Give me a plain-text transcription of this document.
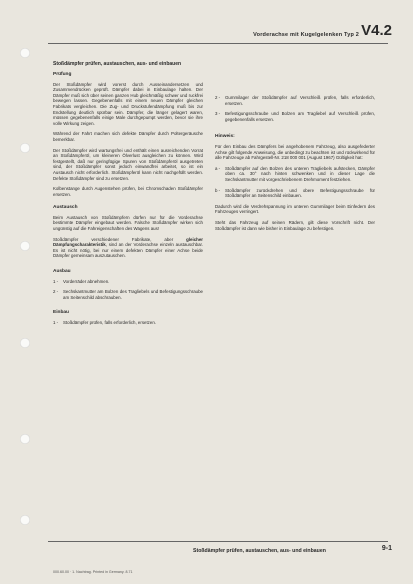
Vorderachse mit Kugelgelenken Typ 2 V4.2
Stoßdämpfer prüfen, austauschen, aus- und einbauen
Prüfung

Der Stoßdämpfer wird vorerst durch Ausseinandersetzen und Zusammendrücken geprüft. Dämpfer dabei in Einbaulage halten. Der Dämpfer muß sich über seinen ganzen Hub gleichmäßig schwer und ruckfrei bewegen lassen. Gegebenenfalls mit einem neuen Dämpfer gleichen Fabrikats vergleichen. Die Zug- und Druckstufendämpfung muß bis zur Endstellung deutlich spürbar sein. Dämpfer, die länger gelagert waren, müssen gegebenenfalls einige Male durchgepumpt werden, bevor sie ihre volle Wirkung zeigen.

Während der Fahrt machen sich defekte Dämpfer durch Poltergeräusche bemerkbar.

Der Stoßdämpfer wird wartungsfrei und enthält einen ausreichenden Vorrat an Stoßdämpferöl, um kleineren Ölverlust ausgleichen zu können. Wird festgestellt, daß nur geringfügige Spuren von Stoßdämpferöl ausgetreten sind, der Stoßdämpfer sonst jedoch einwandfrei arbeitet, so ist ein Austausch nicht erforderlich. Stoßdämpferöl kann nicht nachgefüllt werden. Defekte Stoßdämpfer sind zu ersetzen.

Kolbenstange durch Augenstehen prüfen, bei Chromschaden Stoßdämpfer ersetzen.

Austausch

Beim Austausch von Stoßdämpfern dürfen nur für die Vorderachse bestimmte Dämpfer eingebaut werden. Falsche Stoßdämpfer wirken sich ungünstig auf die Fahreigenschaften des Wagens aus!

Stoßdämpfer verschiedener Fabrikate, aber gleicher Dämpfungscharakteristik, sind an der Vorderachse einzeln austauschbar. Es ist nicht nötig, bei nur einem defekten Dämpfer einer Achse beide Dämpfer gemeinsam auszutauschen.

Ausbau
1 -	Vorderräder abnehmen.
2 -	Sechskantmutter am Bolzen des Tragliebels und Befestigungsschraube am Seitenschild abschrauben.
Einbau
1 -	Stoßdämpfer prüfen, falls erforderlich, ersetzen.
2 -	Gummilager der Stoßdämpfer auf Verschleiß prüfen, falls erforderlich, ersetzen.
3 -	Befestigungsschraube und Bolzen am Tragliebel auf Verschleiß prüfen, gegebenenfalls ersetzen.
Hinweis:

Für den Einbau des Dämpfers bei angehobenem Fahrzeug, also ausgefederter Achse gilt folgende Anweisung, die unbedingt zu beachten ist und rückwirkend für alle Fahrzeuge ab Fahrgestell-Nr. 218 000 001 (August 1967) Gültigkeit hat:

a -	Stoßdämpfer auf den Bolzen des unteren Tragliebels aufstecken, Dämpfer oben ca. 30° nach hinten schwenken und in dieser Lage die Sechskantmutter mit vorgeschriebenem Drehmoment festziehen.
b -	Stoßdämpfer zurückdrehen und obere Befestigungsschraube für Stoßdämpfer an Seitenschild einbauen.

Dadurch wird die Verdrehspannung im unteren Gummilager beim Einfedern des Fahrzeuges verringert.

Steht das Fahrzeug auf seinen Rädern, gilt diese Vorschrift nicht. Der Stoßdämpfer ist dann wie bisher in Einbaulage zu befestigen.

Stoßdämpfer prüfen, austauschen, aus- und einbauen	9-1
000.60.00 · 1. Nachtrag. Printed in Germany. 8.71
